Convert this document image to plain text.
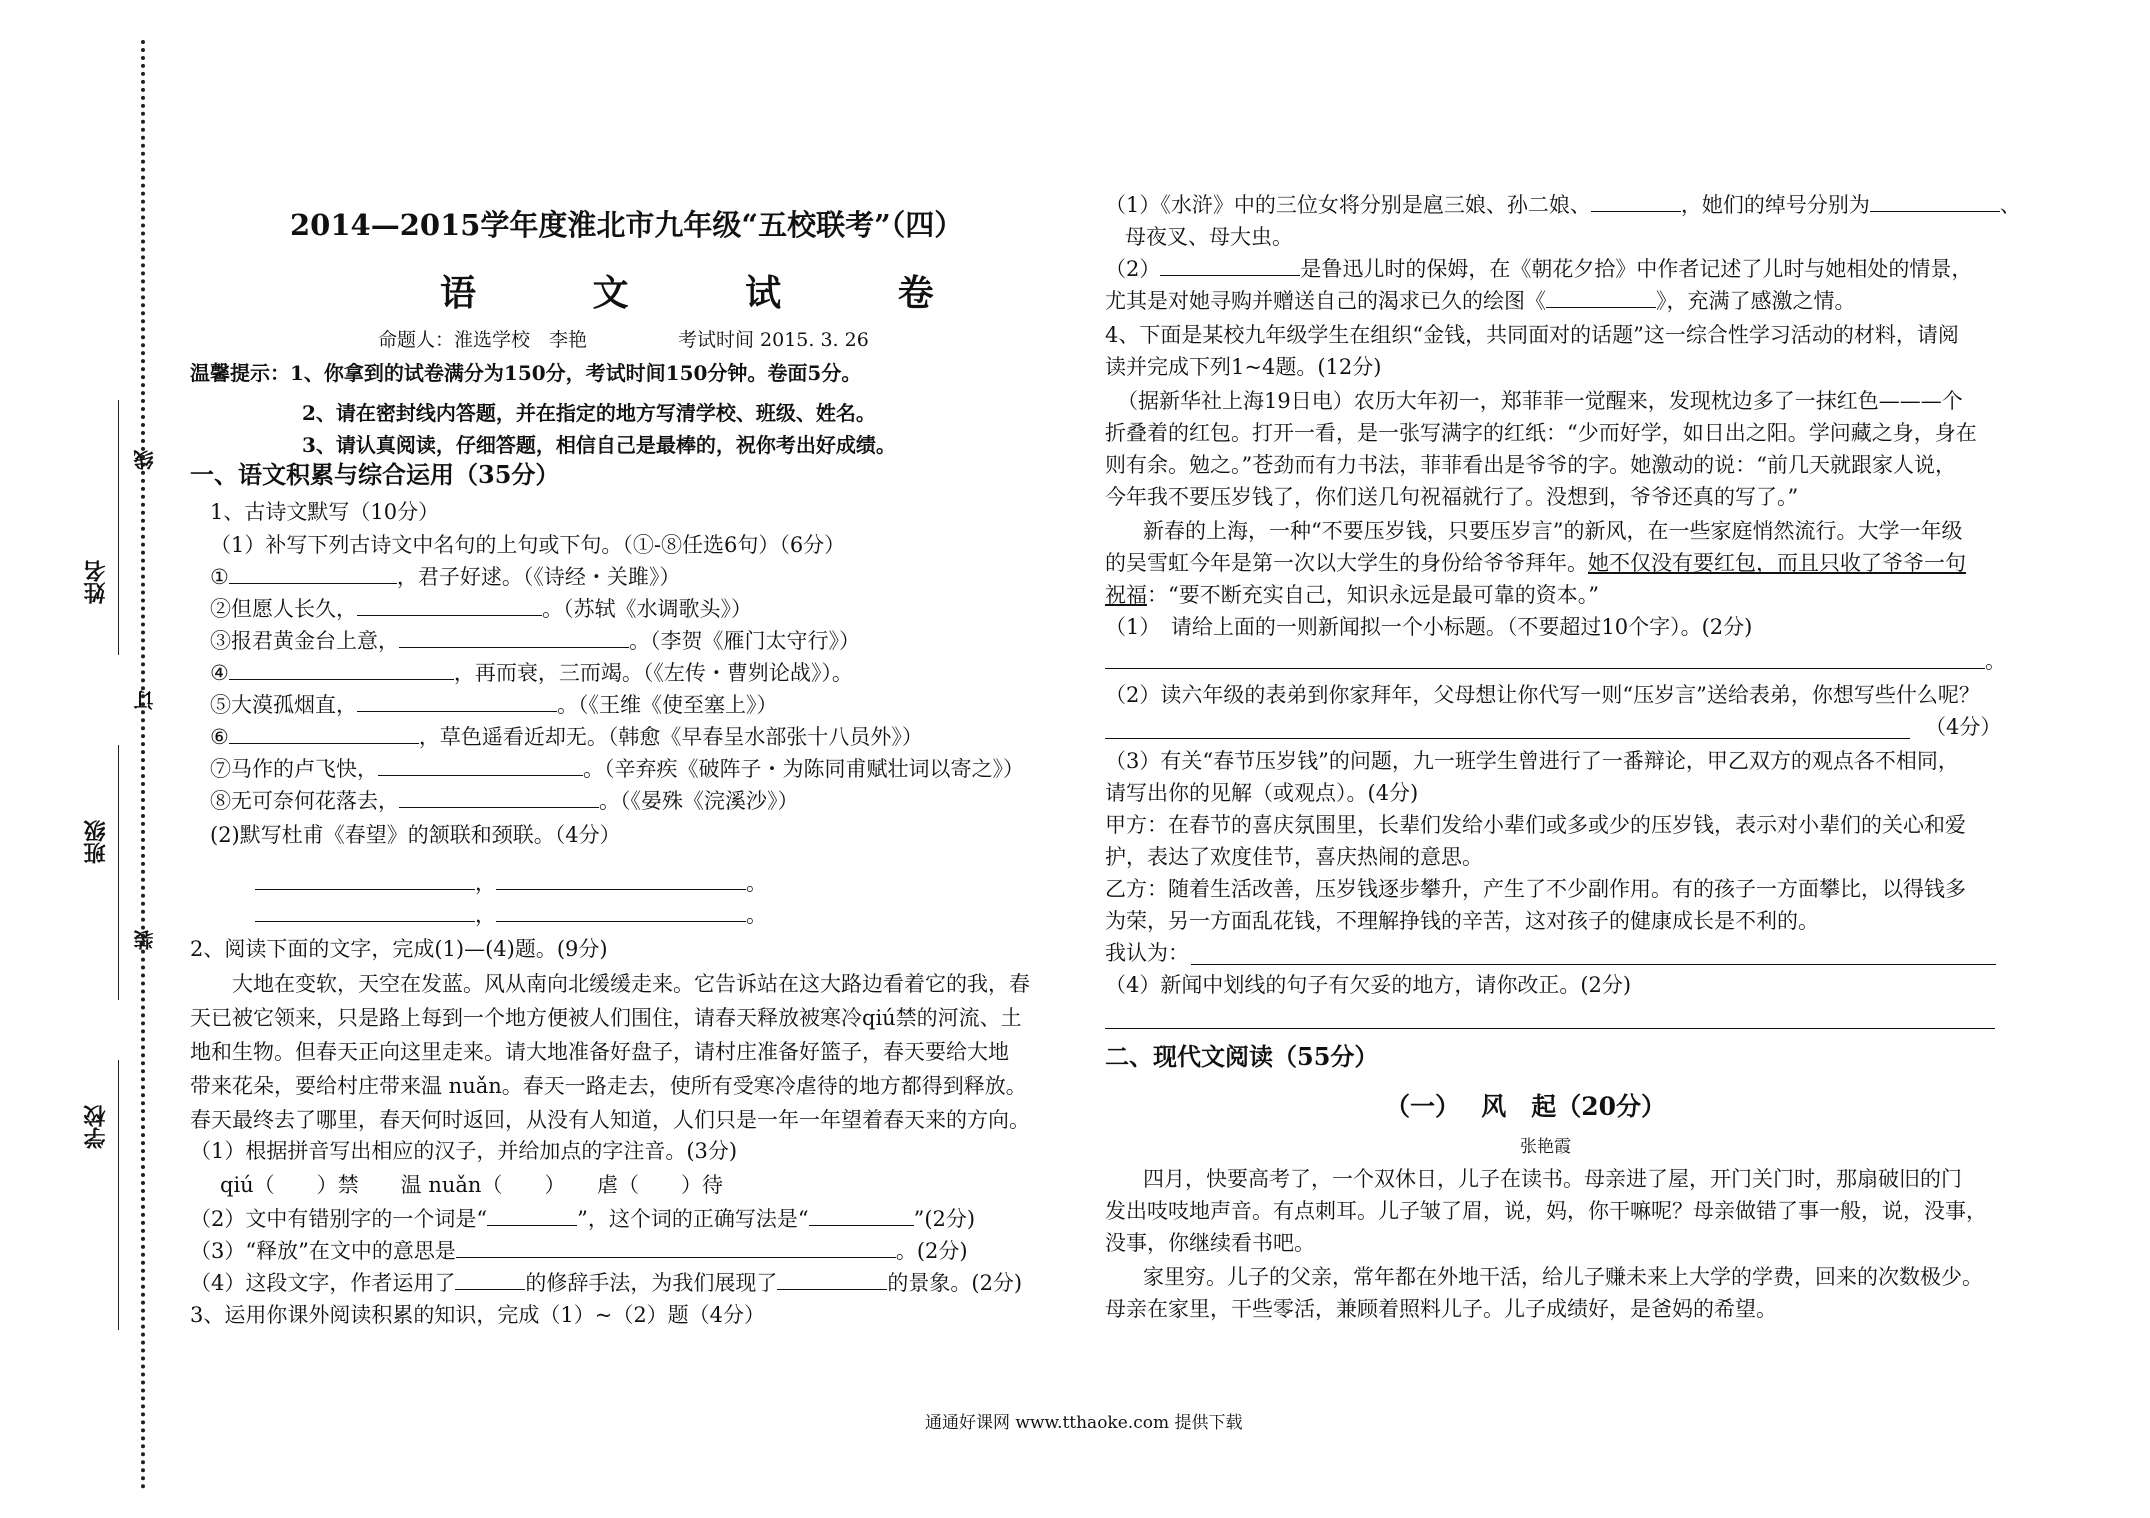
姓名
班级
学校
线
订
装
2014—2015学年度淮北市九年级“五校联考”（四）
语 文 试 卷
命题人：淮选学校　李艳	考试时间 2015. 3. 26
温馨提示：1、你拿到的试卷满分为150分，考试时间150分钟。卷面5分。
2、请在密封线内答题，并在指定的地方写清学校、班级、姓名。
3、请认真阅读，仔细答题，相信自己是最棒的，祝你考出好成绩。
一、语文积累与综合运用（35分）
1、古诗文默写（10分）
（1）补写下列古诗文中名句的上句或下句。（①-⑧任选6句）（6分）
①	，君子好逑。（《诗经・关雎》）
②但愿人长久，	。（苏轼《水调歌头》）
③报君黄金台上意，	。（李贺《雁门太守行》）
④	，再而衰，三而竭。（《左传・曹刿论战》）。
⑤大漠孤烟直，	。（《王维《使至塞上》）
⑥	，草色遥看近却无。（韩愈《早春呈水部张十八员外》）
⑦马作的卢飞快，	。（辛弃疾《破阵子・为陈同甫赋壮词以寄之》）
⑧无可奈何花落去，	。（《晏殊《浣溪沙》）
(2)默写杜甫《春望》的颔联和颈联。（4分）
，	。
，	。
2、阅读下面的文字，完成(1)—(4)题。(9分)
大地在变软，天空在发蓝。风从南向北缓缓走来。它告诉站在这大路边看着它的我，春
天已被它领来，只是路上每到一个地方便被人们围住，请春天释放被寒冷qiú禁的河流、土
地和生物。但春天正向这里走来。请大地准备好盘子，请村庄准备好篮子，春天要给大地
带来花朵，要给村庄带来温 nuǎn。春天一路走去，使所有受寒冷虐待的地方都得到释放。
春天最终去了哪里，春天何时返回，从没有人知道，人们只是一年一年望着春天来的方向。
（1）根据拼音写出相应的汉子，并给加点的字注音。(3分)
qiú（　　）禁　　温 nuǎn（　　）　　虐（　　）待
（2）文中有错别字的一个词是“	”，这个词的正确写法是“	”(2分)
（3）“释放”在文中的意思是	。(2分)
（4）这段文字，作者运用了	的修辞手法，为我们展现了	的景象。(2分)
3、运用你课外阅读积累的知识，完成（1）~（2）题（4分）
（1）《水浒》中的三位女将分别是扈三娘、孙二娘、	，她们的绰号分别为	、
母夜叉、母大虫。
（2）	是鲁迅儿时的保姆，在《朝花夕拾》中作者记述了儿时与她相处的情景，
尤其是对她寻购并赠送自己的渴求已久的绘图《	》，充满了感激之情。
4、下面是某校九年级学生在组织“金钱，共同面对的话题”这一综合性学习活动的材料，请阅
读并完成下列1~4题。(12分)
（据新华社上海19日电）农历大年初一，郑菲菲一觉醒来，发现枕边多了一抹红色———个
折叠着的红包。打开一看，是一张写满字的红纸：“少而好学，如日出之阳。学问藏之身，身在
则有余。勉之。”苍劲而有力书法，菲菲看出是爷爷的字。她激动的说：“前几天就跟家人说，
今年我不要压岁钱了，你们送几句祝福就行了。没想到，爷爷还真的写了。”
新春的上海，一种“不要压岁钱，只要压岁言”的新风，在一些家庭悄然流行。大学一年级
的吴雪虹今年是第一次以大学生的身份给爷爷拜年。她不仅没有要红包，而且只收了爷爷一句
祝福：“要不断充实自己，知识永远是最可靠的资本。”
（1）　请给上面的一则新闻拟一个小标题。（不要超过10个字）。(2分)
。
（2）读六年级的表弟到你家拜年，父母想让你代写一则“压岁言”送给表弟，你想写些什么呢？
（4分）
（3）有关“春节压岁钱”的问题，九一班学生曾进行了一番辩论，甲乙双方的观点各不相同，
请写出你的见解（或观点）。(4分)
甲方：在春节的喜庆氛围里，长辈们发给小辈们或多或少的压岁钱，表示对小辈们的关心和爱
护，表达了欢度佳节，喜庆热闹的意思。
乙方：随着生活改善，压岁钱逐步攀升，产生了不少副作用。有的孩子一方面攀比，以得钱多
为荣，另一方面乱花钱，不理解挣钱的辛苦，这对孩子的健康成长是不利的。
我认为：
（4）新闻中划线的句子有欠妥的地方，请你改正。(2分)
二、现代文阅读（55分）
（一）　 风　起（20分）
张艳霞
四月，快要高考了，一个双休日，儿子在读书。母亲进了屋，开门关门时，那扇破旧的门
发出吱吱地声音。有点刺耳。儿子皱了眉，说，妈，你干嘛呢？母亲做错了事一般，说，没事，
没事，你继续看书吧。
家里穷。儿子的父亲，常年都在外地干活，给儿子赚未来上大学的学费，回来的次数极少。
母亲在家里，干些零活，兼顾着照料儿子。儿子成绩好，是爸妈的希望。
通通好课网 www.tthaoke.com 提供下载
